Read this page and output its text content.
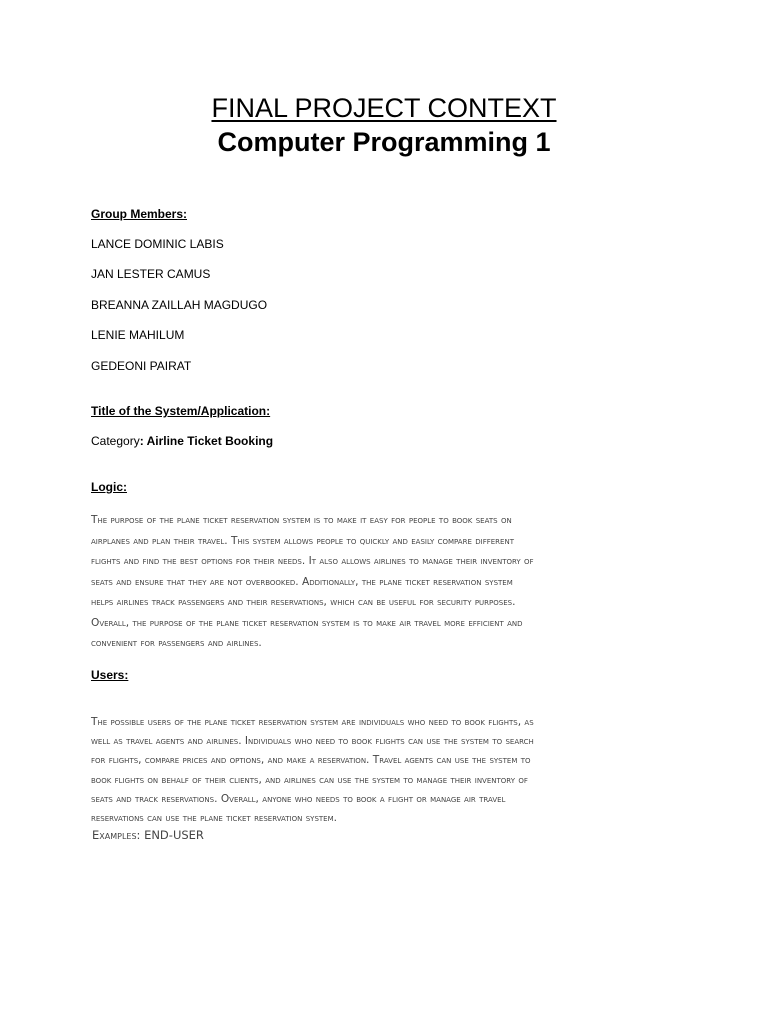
FINAL PROJECT CONTEXT
Computer Programming 1
Group Members:
LANCE DOMINIC LABIS
JAN LESTER CAMUS
BREANNA ZAILLAH MAGDUGO
LENIE MAHILUM
GEDEONI PAIRAT
Title of the System/Application:
Category: Airline Ticket Booking
Logic:
The purpose of the plane ticket reservation system is to make it easy for people to book seats on
airplanes and plan their travel. This system allows people to quickly and easily compare different
flights and find the best options for their needs. It also allows airlines to manage their inventory of
seats and ensure that they are not overbooked. Additionally, the plane ticket reservation system
helps airlines track passengers and their reservations, which can be useful for security purposes.
Overall, the purpose of the plane ticket reservation system is to make air travel more efficient and
convenient for passengers and airlines.
Users:
The possible users of the plane ticket reservation system are individuals who need to book flights, as
well as travel agents and airlines. Individuals who need to book flights can use the system to search
for flights, compare prices and options, and make a reservation. Travel agents can use the system to
book flights on behalf of their clients, and airlines can use the system to manage their inventory of
seats and track reservations. Overall, anyone who needs to book a flight or manage air travel
reservations can use the plane ticket reservation system.
Examples: END-USER
